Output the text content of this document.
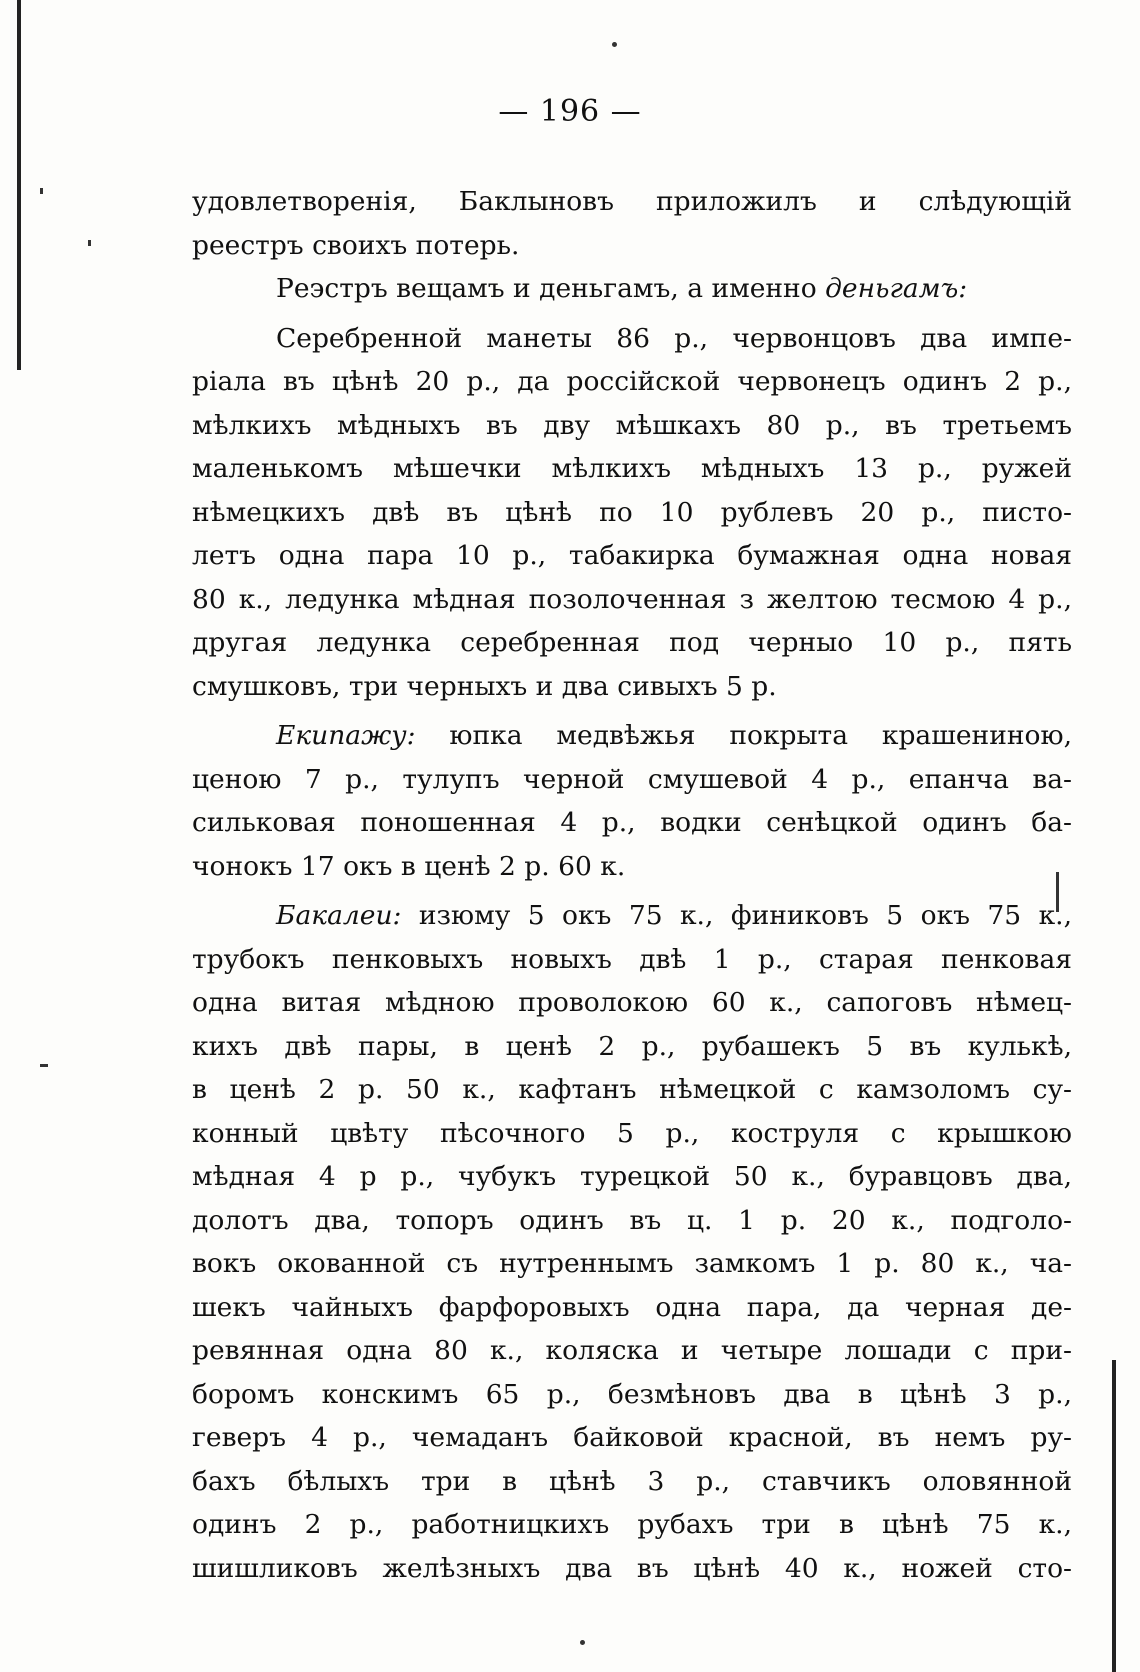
— 196 —
удовлетворенія, Баклыновъ приложилъ и слѣдующій
реестръ своихъ потерь.
Реэстръ вещамъ и деньгамъ, а именно деньгамъ:
Серебренной манеты 86 р., червонцовъ два импе-
ріала въ цѣнѣ 20 р., да россійской червонецъ одинъ 2 р.,
мѣлкихъ мѣдныхъ въ дву мѣшкахъ 80 р., въ третьемъ
маленькомъ мѣшечки мѣлкихъ мѣдныхъ 13 р., ружей
нѣмецкихъ двѣ въ цѣнѣ по 10 рублевъ 20 р., писто-
летъ одна пара 10 р., табакирка бумажная одна новая
80 к., ледунка мѣдная позолоченная з желтою тесмою 4 р.,
другая ледунка серебренная под черныо 10 р., пять
смушковъ, три черныхъ и два сивыхъ 5 р.
Екипажу: юпка медвѣжья покрыта крашениною,
ценою 7 р., тулупъ черной смушевой 4 р., епанча ва-
сильковая поношенная 4 р., водки сенѣцкой одинъ ба-
чонокъ 17 окъ в ценѣ 2 р. 60 к.
Бакалеи: изюму 5 окъ 75 к., финиковъ 5 окъ 75 к.,
трубокъ пенковыхъ новыхъ двѣ 1 р., старая пенковая
одна витая мѣдною проволокою 60 к., сапоговъ нѣмец-
кихъ двѣ пары, в ценѣ 2 р., рубашекъ 5 въ кулькѣ,
в ценѣ 2 р. 50 к., кафтанъ нѣмецкой с камзоломъ су-
конный цвѣту пѣсочного 5 р., коструля с крышкою
мѣдная 4 р р., чубукъ турецкой 50 к., буравцовъ два,
долотъ два, топоръ одинъ въ ц. 1 р. 20 к., подголо-
вокъ окованной съ нутреннымъ замкомъ 1 р. 80 к., ча-
шекъ чайныхъ фарфоровыхъ одна пара, да черная де-
ревянная одна 80 к., коляска и четыре лошади с при-
боромъ конскимъ 65 р., безмѣновъ два в цѣнѣ 3 р.,
геверъ 4 р., чемаданъ байковой красной, въ немъ ру-
бахъ бѣлыхъ три в цѣнѣ 3 р., ставчикъ оловянной
одинъ 2 р., работницкихъ рубахъ три в цѣнѣ 75 к.,
шишликовъ желѣзныхъ два въ цѣнѣ 40 к., ножей сто-
